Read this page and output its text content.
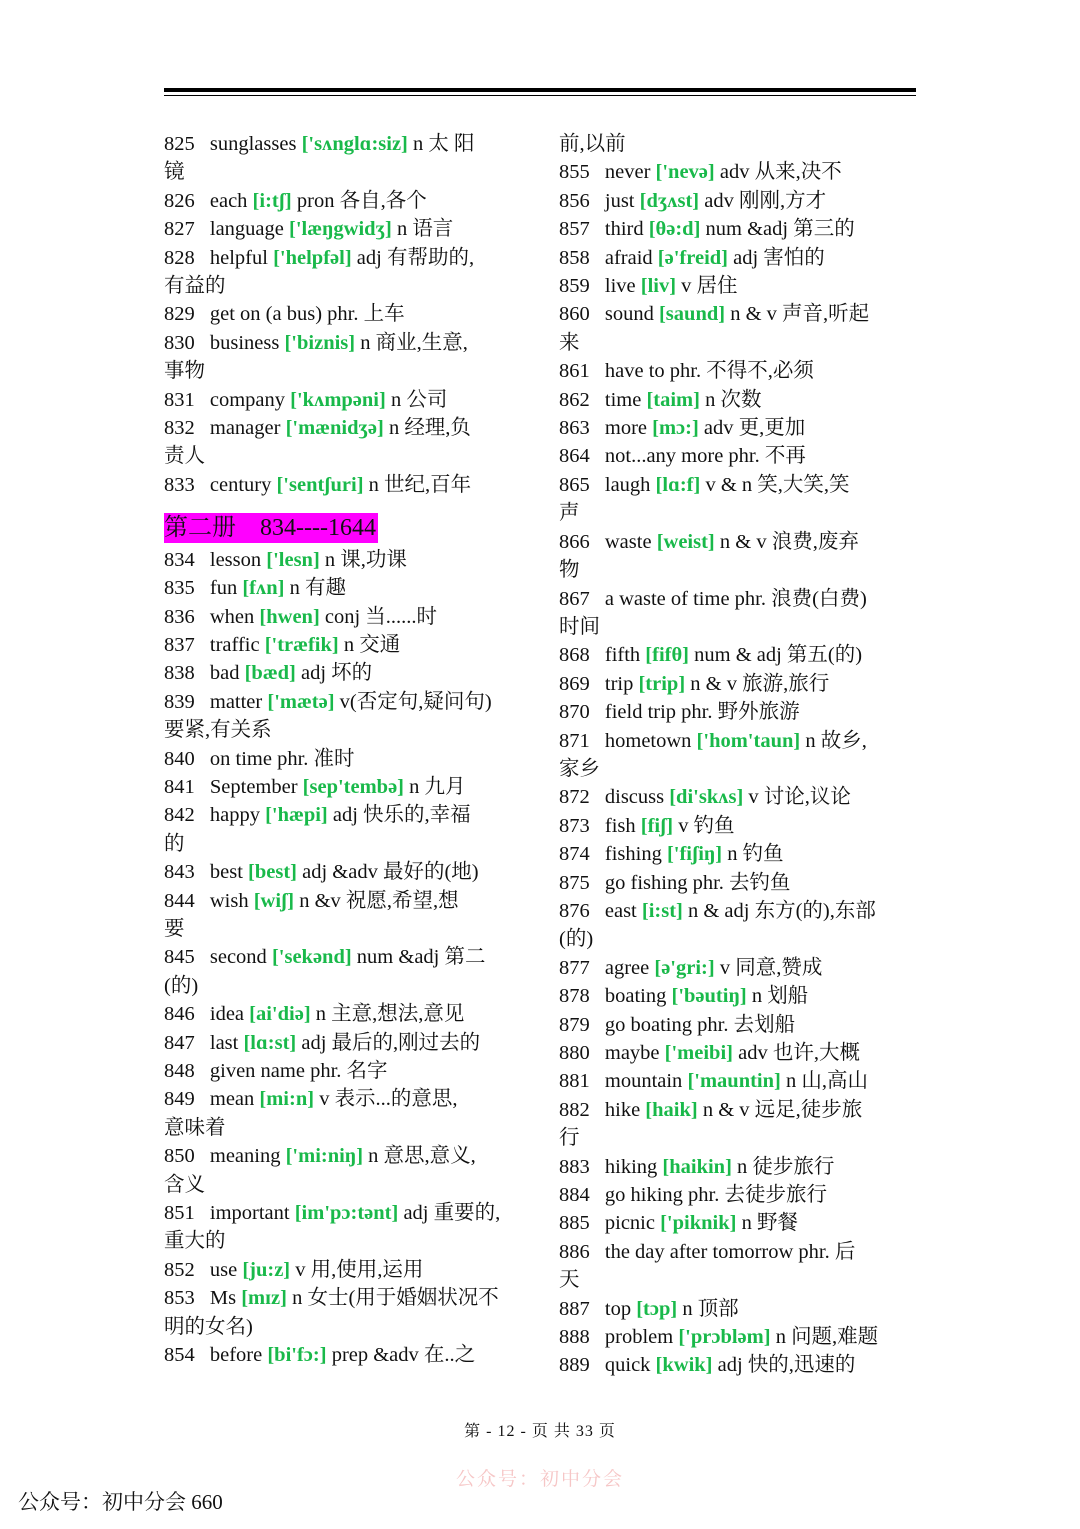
825 sunglasses ['sʌnglɑ:siz] n 太 阳
镜
826 each [i:tʃ] pron 各自,各个
827 language ['læŋgwidʒ] n 语言
828 helpful ['helpfəl] adj 有帮助的,
有益的
829 get on (a bus) phr. 上车
830 business ['biznis] n 商业,生意,
事物
831 company ['kʌmpəni] n 公司
832 manager ['mænidʒə] n 经理,负
责人
833 century ['sentʃuri] n 世纪,百年
第二册　834----1644
834 lesson ['lesn] n 课,功课
835 fun [fʌn] n 有趣
836 when [hwen] conj 当......时
837 traffic ['træfik] n 交通
838 bad [bæd] adj 坏的
839 matter ['mætə] v(否定句,疑问句)
要紧,有关系
840 on time phr. 准时
841 September [sep'tembə] n 九月
842 happy ['hæpi] adj 快乐的,幸福
的
843 best [best] adj &adv 最好的(地)
844 wish [wiʃ] n &v 祝愿,希望,想
要
845 second ['sekənd] num &adj 第二
(的)
846 idea [ai'diə] n 主意,想法,意见
847 last [lɑ:st] adj 最后的,刚过去的
848 given name phr. 名字
849 mean [mi:n] v 表示...的意思,
意味着
850 meaning ['mi:niŋ] n 意思,意义,
含义
851 important [im'pɔ:tənt] adj 重要的,
重大的
852 use [ju:z] v 用,使用,运用
853 Ms [mɪz] n 女士(用于婚姻状况不
明的女名)
854 before [bi'fɔ:] prep &adv 在..之
前,以前
855 never ['nevə] adv 从来,决不
856 just [dʒʌst] adv 刚刚,方才
857 third [θə:d] num &adj 第三的
858 afraid [ə'freid] adj 害怕的
859 live [liv] v 居住
860 sound [saund] n & v 声音,听起
来
861 have to phr. 不得不,必须
862 time [taim] n 次数
863 more [mɔ:] adv 更,更加
864 not...any more phr. 不再
865 laugh [lɑ:f] v & n 笑,大笑,笑
声
866 waste [weist] n & v 浪费,废弃
物
867 a waste of time phr. 浪费(白费)
时间
868 fifth [fifθ] num & adj 第五(的)
869 trip [trip] n & v 旅游,旅行
870 field trip phr. 野外旅游
871 hometown ['hom'taun] n 故乡,
家乡
872 discuss [di'skʌs] v 讨论,议论
873 fish [fiʃ] v 钓鱼
874 fishing ['fiʃiŋ] n 钓鱼
875 go fishing phr. 去钓鱼
876 east [i:st] n & adj 东方(的),东部
(的)
877 agree [ə'gri:] v 同意,赞成
878 boating ['bəutiŋ] n 划船
879 go boating phr. 去划船
880 maybe ['meibi] adv 也许,大概
881 mountain ['mauntin] n 山,高山
882 hike [haik] n & v 远足,徒步旅
行
883 hiking [haikin] n 徒步旅行
884 go hiking phr. 去徒步旅行
885 picnic ['piknik] n 野餐
886 the day after tomorrow phr. 后
天
887 top [tɔp] n 顶部
888 problem ['prɔbləm] n 问题,难题
889 quick [kwik] adj 快的,迅速的
第 - 12 - 页 共 33 页
公众号：初中分会
公众号：初中分会 660
